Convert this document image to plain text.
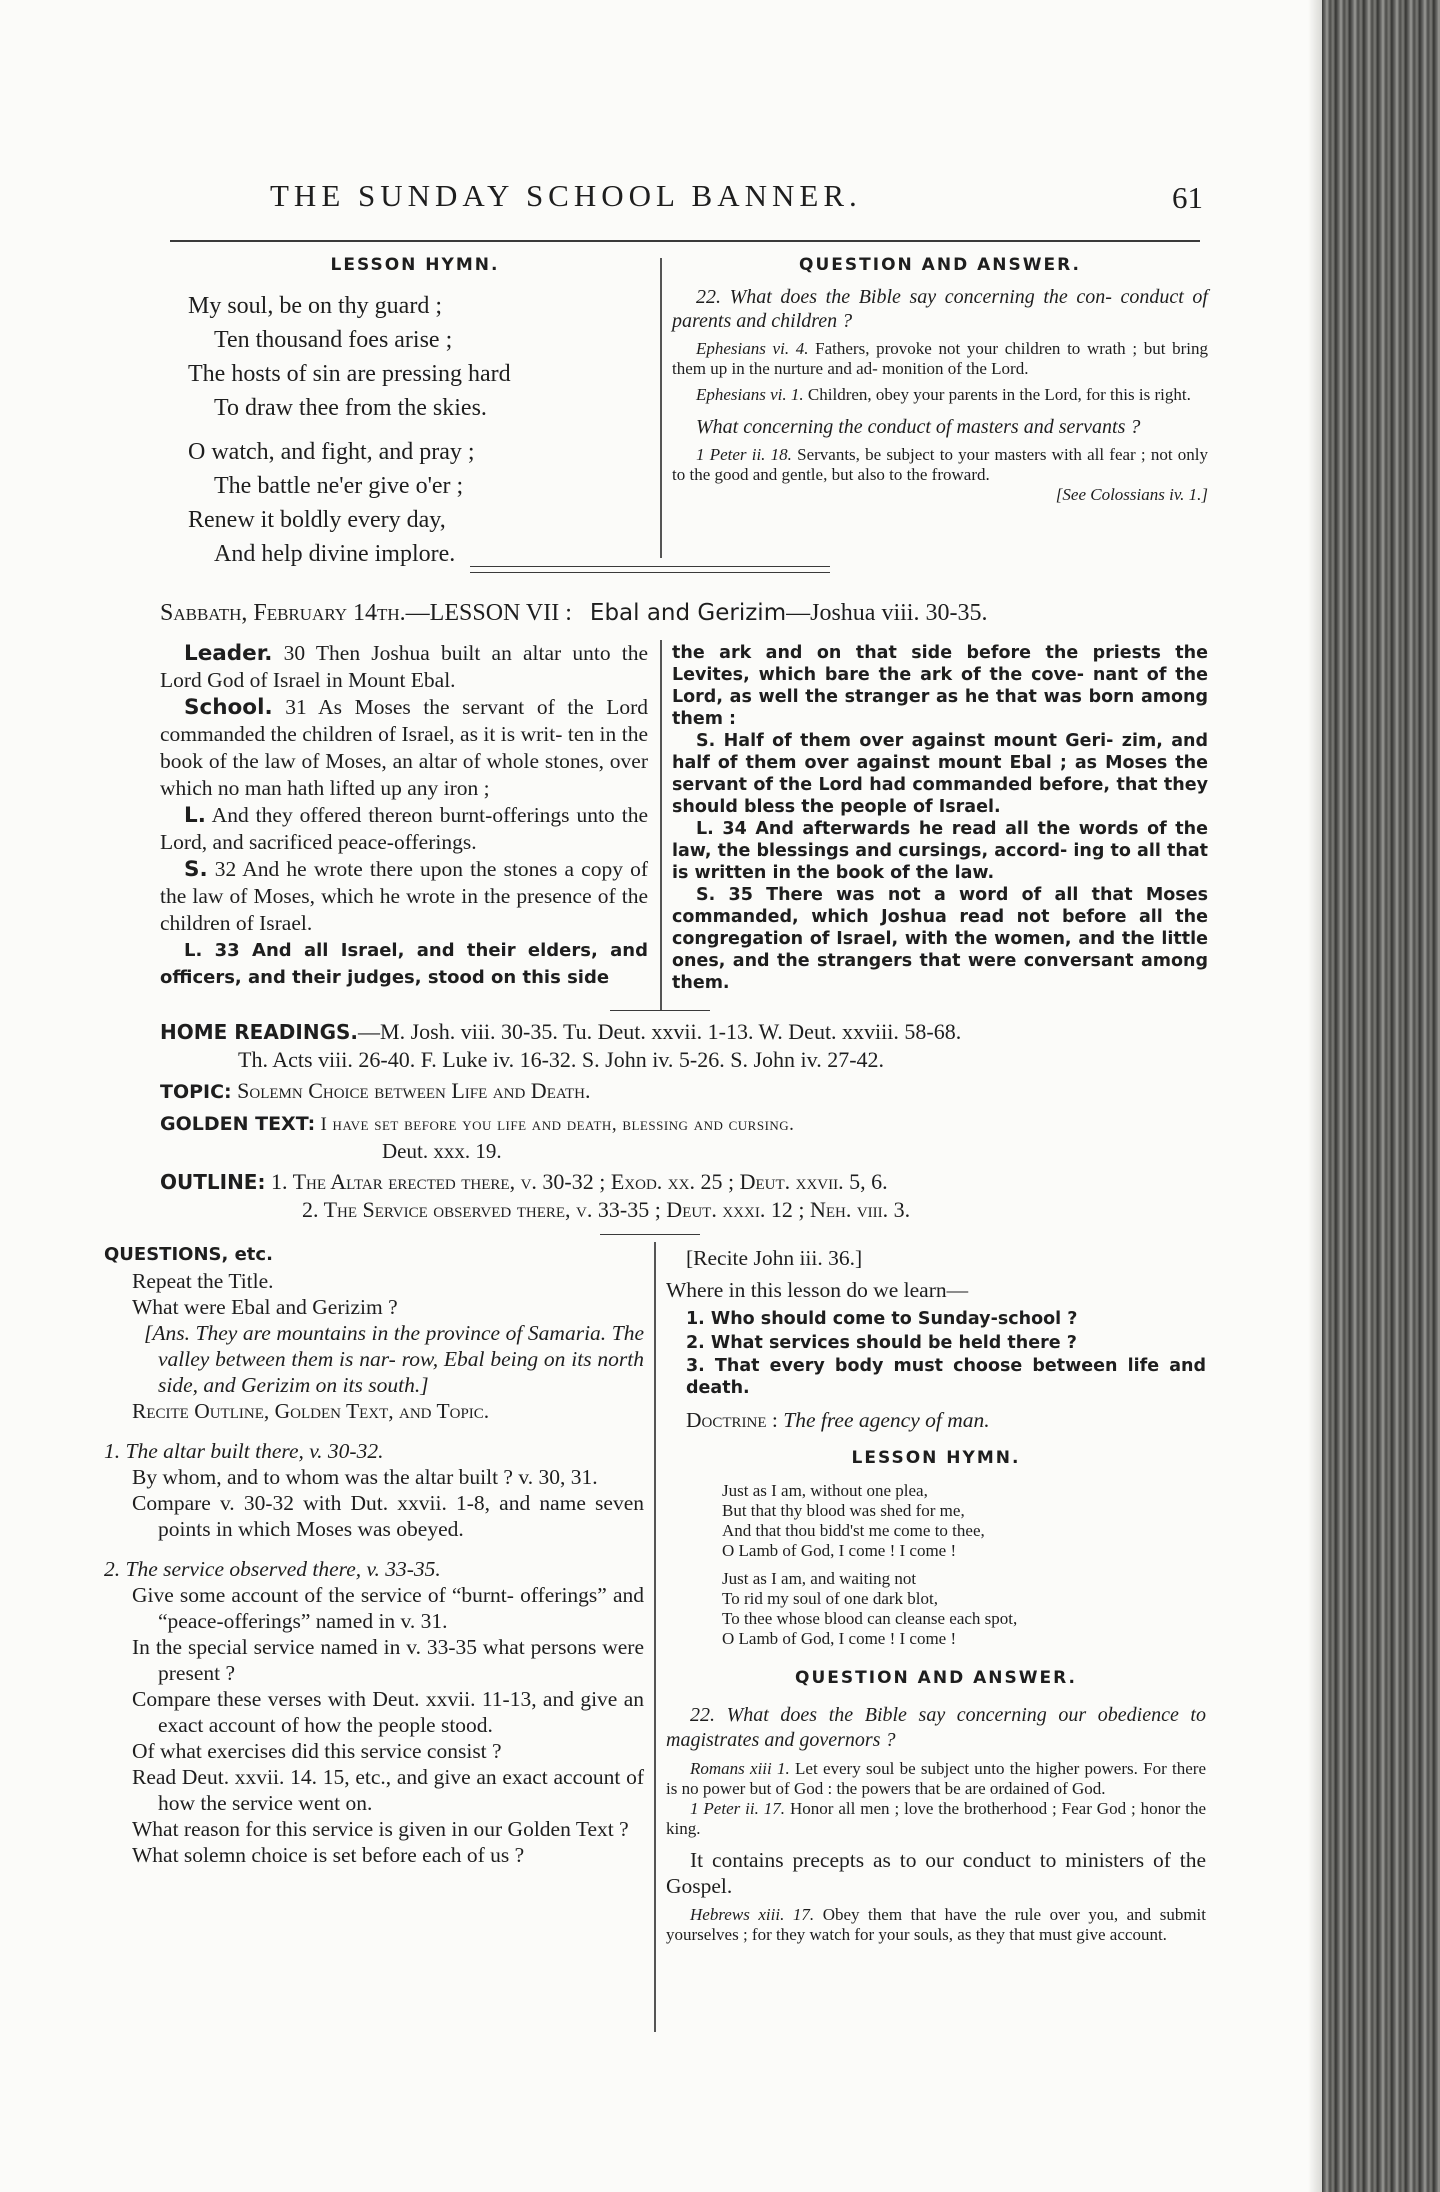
THE SUNDAY SCHOOL BANNER.	61
LESSON HYMN.

My soul, be on thy guard ;

Ten thousand foes arise ;

The hosts of sin are pressing hard

To draw thee from the skies.

O watch, and fight, and pray ;

The battle ne'er give o'er ;

Renew it boldly every day,

And help divine implore.

QUESTION AND ANSWER.

22. What does the Bible say concerning the con- conduct of parents and children ?

Ephesians vi. 4. Fathers, provoke not your children to wrath ; but bring them up in the nurture and ad- monition of the Lord.

Ephesians vi. 1. Children, obey your parents in the Lord, for this is right.

What concerning the conduct of masters and servants ?

1 Peter ii. 18. Servants, be subject to your masters with all fear ; not only to the good and gentle, but also to the froward.

[See Colossians iv. 1.]

Sabbath, February 14th.—LESSON VII : Ebal and Gerizim—Joshua viii. 30-35.

Leader. 30 Then Joshua built an altar unto the Lord God of Israel in Mount Ebal.

School. 31 As Moses the servant of the Lord commanded the children of Israel, as it is writ- ten in the book of the law of Moses, an altar of whole stones, over which no man hath lifted up any iron ;

L. And they offered thereon burnt-offerings unto the Lord, and sacrificed peace-offerings.

S. 32 And he wrote there upon the stones a copy of the law of Moses, which he wrote in the presence of the children of Israel.

L. 33 And all Israel, and their elders, and officers, and their judges, stood on this side

the ark and on that side before the priests the Levites, which bare the ark of the cove- nant of the Lord, as well the stranger as he that was born among them :

S. Half of them over against mount Geri- zim, and half of them over against mount Ebal ; as Moses the servant of the Lord had commanded before, that they should bless the people of Israel.

L. 34 And afterwards he read all the words of the law, the blessings and cursings, accord- ing to all that is written in the book of the law.

S. 35 There was not a word of all that Moses commanded, which Joshua read not before all the congregation of Israel, with the women, and the little ones, and the strangers that were conversant among them.

HOME READINGS.—M. Josh. viii. 30-35. Tu. Deut. xxvii. 1-13. W. Deut. xxviii. 58-68.

Th. Acts viii. 26-40. F. Luke iv. 16-32. S. John iv. 5-26. S. John iv. 27-42.

TOPIC: Solemn Choice between Life and Death.

GOLDEN TEXT: I have set before you life and death, blessing and cursing.

Deut. xxx. 19.

OUTLINE: 1. The Altar erected there, v. 30-32 ; Exod. xx. 25 ; Deut. xxvii. 5, 6.

2. The Service observed there, v. 33-35 ; Deut. xxxi. 12 ; Neh. viii. 3.

QUESTIONS, etc.

Repeat the Title.

What were Ebal and Gerizim ?

[Ans. They are mountains in the province of Samaria. The valley between them is nar- row, Ebal being on its north side, and Gerizim on its south.]

Recite Outline, Golden Text, and Topic.

1. The altar built there, v. 30-32.

By whom, and to whom was the altar built ? v. 30, 31.

Compare v. 30-32 with Dut. xxvii. 1-8, and name seven points in which Moses was obeyed.

2. The service observed there, v. 33-35.

Give some account of the service of “burnt- offerings” and “peace-offerings” named in v. 31.

In the special service named in v. 33-35 what persons were present ?

Compare these verses with Deut. xxvii. 11-13, and give an exact account of how the people stood.

Of what exercises did this service consist ?

Read Deut. xxvii. 14. 15, etc., and give an exact account of how the service went on.

What reason for this service is given in our Golden Text ?

What solemn choice is set before each of us ?

[Recite John iii. 36.]

Where in this lesson do we learn—

1. Who should come to Sunday-school ?

2. What services should be held there ?

3. That every body must choose between life and death.

Doctrine : The free agency of man.

LESSON HYMN.

Just as I am, without one plea,

But that thy blood was shed for me,

And that thou bidd'st me come to thee,

O Lamb of God, I come ! I come !

Just as I am, and waiting not

To rid my soul of one dark blot,

To thee whose blood can cleanse each spot,

O Lamb of God, I come ! I come !

QUESTION AND ANSWER.

22. What does the Bible say concerning our obedience to magistrates and governors ?

Romans xiii 1. Let every soul be subject unto the higher powers. For there is no power but of God : the powers that be are ordained of God.

1 Peter ii. 17. Honor all men ; love the brotherhood ; Fear God ; honor the king.

It contains precepts as to our conduct to ministers of the Gospel.

Hebrews xiii. 17. Obey them that have the rule over you, and submit yourselves ; for they watch for your souls, as they that must give account.
